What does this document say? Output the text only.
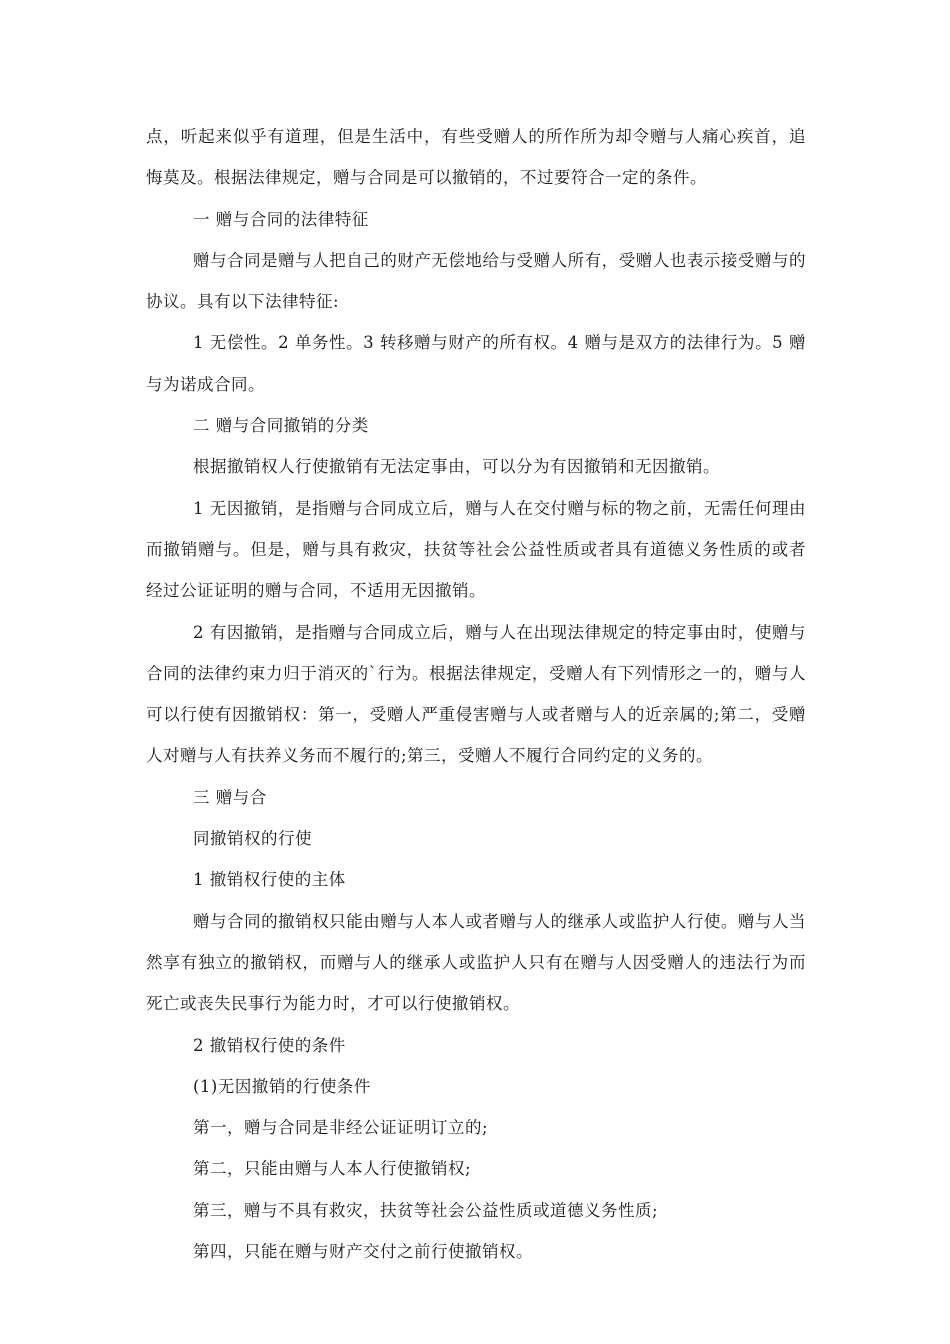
点，听起来似乎有道理，但是生活中，有些受赠人的所作所为却令赠与人痛心疾首，追悔莫及。根据法律规定，赠与合同是可以撤销的，不过要符合一定的条件。

一 赠与合同的法律特征

赠与合同是赠与人把自己的财产无偿地给与受赠人所有，受赠人也表示接受赠与的协议。具有以下法律特征:

1 无偿性。2 单务性。3 转移赠与财产的所有权。4 赠与是双方的法律行为。5 赠与为诺成合同。

二 赠与合同撤销的分类

根据撤销权人行使撤销有无法定事由，可以分为有因撤销和无因撤销。

1 无因撤销，是指赠与合同成立后，赠与人在交付赠与标的物之前，无需任何理由而撤销赠与。但是，赠与具有救灾，扶贫等社会公益性质或者具有道德义务性质的或者经过公证证明的赠与合同，不适用无因撤销。

2 有因撤销，是指赠与合同成立后，赠与人在出现法律规定的特定事由时，使赠与合同的法律约束力归于消灭的`行为。根据法律规定，受赠人有下列情形之一的，赠与人可以行使有因撤销权：第一，受赠人严重侵害赠与人或者赠与人的近亲属的;第二，受赠人对赠与人有扶养义务而不履行的;第三，受赠人不履行合同约定的义务的。

三 赠与合

同撤销权的行使

1 撤销权行使的主体

赠与合同的撤销权只能由赠与人本人或者赠与人的继承人或监护人行使。赠与人当然享有独立的撤销权，而赠与人的继承人或监护人只有在赠与人因受赠人的违法行为而死亡或丧失民事行为能力时，才可以行使撤销权。

2 撤销权行使的条件

(1)无因撤销的行使条件

第一，赠与合同是非经公证证明订立的;

第二，只能由赠与人本人行使撤销权;

第三，赠与不具有救灾，扶贫等社会公益性质或道德义务性质;

第四，只能在赠与财产交付之前行使撤销权。
